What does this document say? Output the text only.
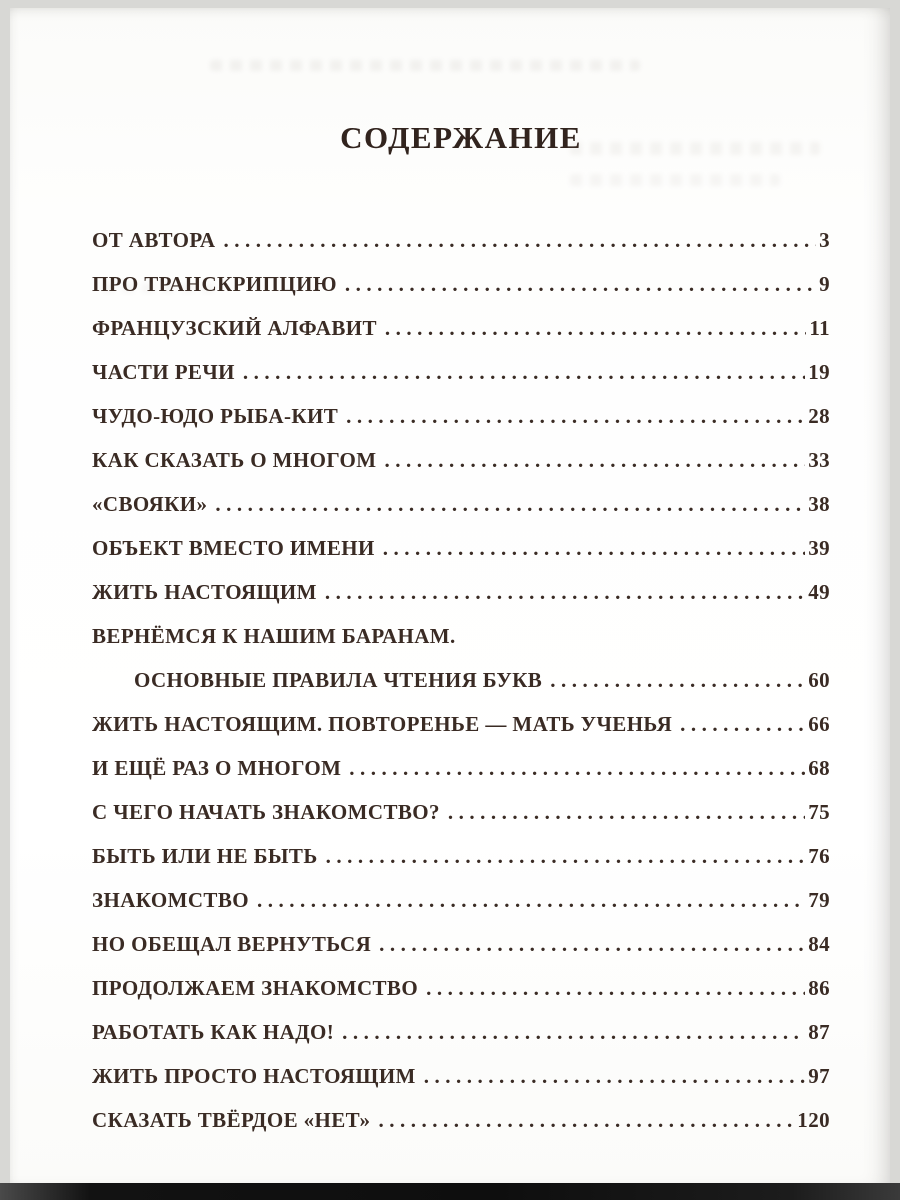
СОДЕРЖАНИЕ
ОТ АВТОРА .....	3
ПРО ТРАНСКРИПЦИЮ .....	9
ФРАНЦУЗСКИЙ АЛФАВИТ .....	11
ЧАСТИ РЕЧИ .....	19
ЧУДО-ЮДО РЫБА-КИТ .....	28
КАК СКАЗАТЬ О МНОГОМ .....	33
«СВОЯКИ» .....	38
ОБЪЕКТ ВМЕСТО ИМЕНИ .....	39
ЖИТЬ НАСТОЯЩИМ .....	49
ВЕРНЁМСЯ К НАШИМ БАРАНАМ.
ОСНОВНЫЕ ПРАВИЛА ЧТЕНИЯ БУКВ .....	60
ЖИТЬ НАСТОЯЩИМ. ПОВТОРЕНЬЕ — МАТЬ УЧЕНЬЯ .....	66
И ЕЩЁ РАЗ О МНОГОМ .....	68
С ЧЕГО НАЧАТЬ ЗНАКОМСТВО? .....	75
БЫТЬ ИЛИ НЕ БЫТЬ .....	76
ЗНАКОМСТВО .....	79
НО ОБЕЩАЛ ВЕРНУТЬСЯ .....	84
ПРОДОЛЖАЕМ ЗНАКОМСТВО .....	86
РАБОТАТЬ КАК НАДО! .....	87
ЖИТЬ ПРОСТО НАСТОЯЩИМ .....	97
СКАЗАТЬ ТВЁРДОЕ «НЕТ» .....	120
